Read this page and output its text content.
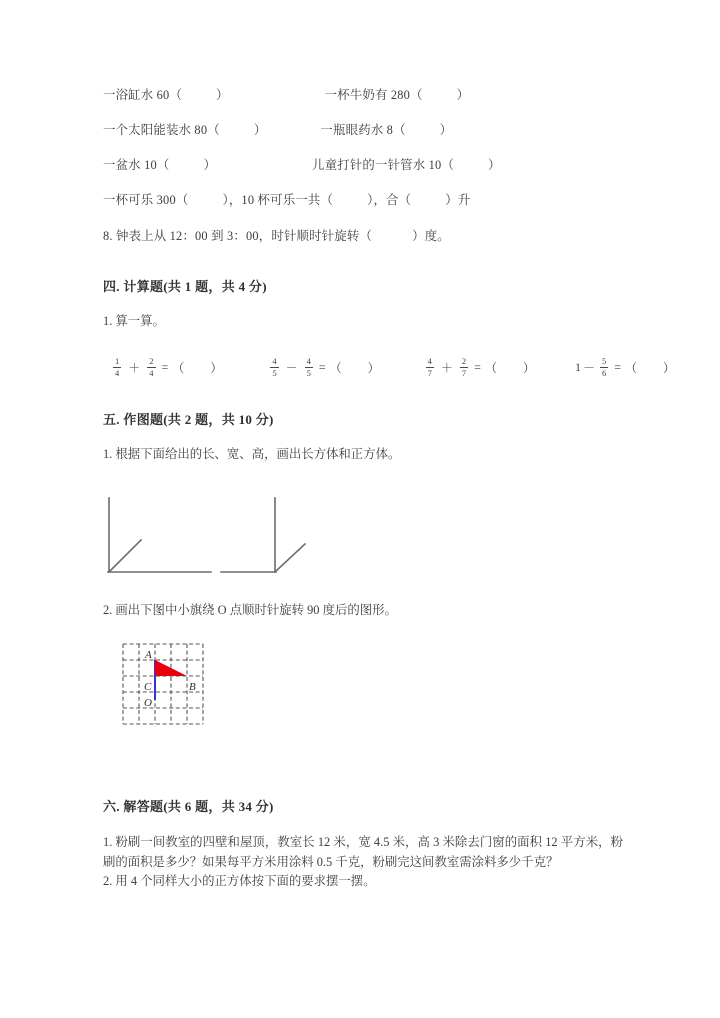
一浴缸水 60（	）	一杯牛奶有 280（	）
一个太阳能装水 80（	）	一瓶眼药水 8（	）
一盆水 10（	）	儿童打针的一针管水 10（	）
一杯可乐 300（	），10 杯可乐一共（	），合（	）升
8. 钟表上从 12：00 到 3：00，时针顺时针旋转（	）度。
四. 计算题(共 1 题，共 4 分)
1. 算一算。
$\frac{1}{4} + \frac{2}{4}$ = （ ）	$\frac{4}{5} - \frac{4}{5}$ = （ ）	$\frac{4}{7} + \frac{2}{7}$ = （ ）	$1 - \frac{5}{6}$ = （ ）
五. 作图题(共 2 题，共 10 分)
1. 根据下面给出的长、宽、高，画出长方体和正方体。
2. 画出下图中小旗绕 O 点顺时针旋转 90 度后的图形。
A
B
C
O
六. 解答题(共 6 题，共 34 分)
1. 粉刷一间教室的四壁和屋顶，教室长 12 米，宽 4.5 米，高 3 米除去门窗的面积 12 平方米，粉刷的面积是多少？如果每平方米用涂料 0.5 千克，粉刷完这间教室需涂料多少千克？
2. 用 4 个同样大小的正方体按下面的要求摆一摆。
